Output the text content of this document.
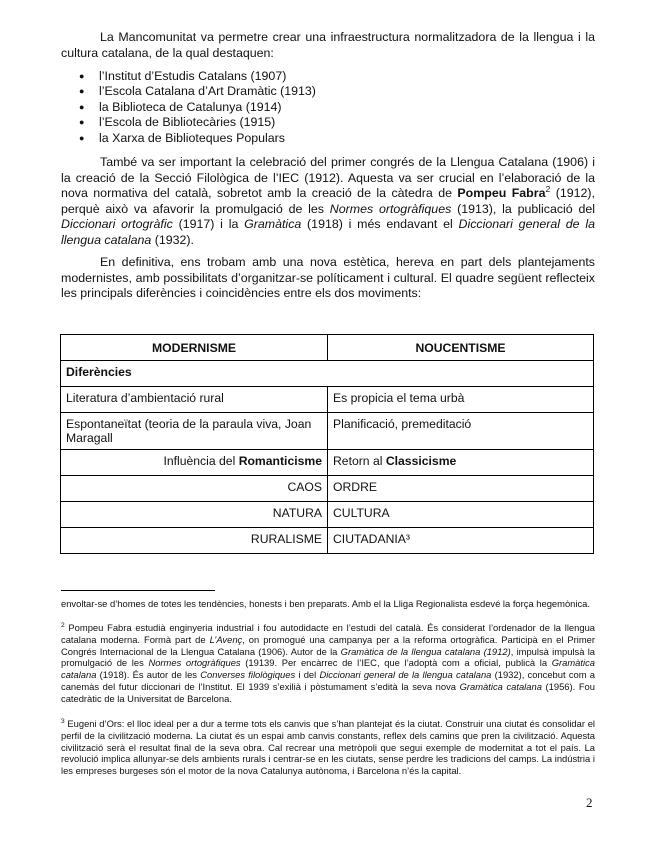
La Mancomunitat va permetre crear una infraestructura normalitzadora de la llengua i la cultura catalana, de la qual destaquen:

● l’Institut d’Estudis Catalans (1907)
● l’Escola Catalana d’Art Dramàtic (1913)
● la Biblioteca de Catalunya (1914)
● l’Escola de Bibliotecàries (1915)
● la Xarxa de Biblioteques Populars

També va ser important la celebració del primer congrés de la Llengua Catalana (1906) i la creació de la Secció Filològica de l’IEC (1912). Aquesta va ser crucial en l’elaboració de la nova normativa del català, sobretot amb la creació de la càtedra de Pompeu Fabra$^2$ (1912), perquè això va afavorir la promulgació de les Normes ortogràfiques (1913), la publicació del Diccionari ortogràfic (1917) i la Gramàtica (1918) i més endavant el Diccionari general de la llengua catalana (1932).

En definitiva, ens trobam amb una nova estètica, hereva en part dels plantejaments modernistes, amb possibilitats d’organitzar-se políticament i cultural. El quadre següent reflecteix les principals diferències i coincidències entre els dos moviments:

MODERNISME	NOUCENTISME
Diferències	
Literatura d’ambientació rural	Es propicia el tema urbà
Espontaneïtat (teoria de la paraula viva, Joan Maragall	Planificació, premeditació
Influència del Romanticisme	Retorn al Classicisme
CAOS	ORDRE
NATURA	CULTURA
RURALISME	CIUTADANIA³

envoltar-se d’homes de totes les tendències, honests i ben preparats. Amb el la Lliga Regionalista esdevé la força hegemònica.

$^2$ Pompeu Fabra estudià enginyeria industrial i fou autodidacte en l’estudi del català. És considerat l’ordenador de la llengua catalana moderna. Formà part de L’Avenç, on promogué una campanya per a la reforma ortogràfica. Participà en el Primer Congrés Internacional de la Llengua Catalana (1906). Autor de la Gramàtica de la llengua catalana (1912), impulsà impulsà la promulgació de les Normes ortogràfiques (19139. Per encàrrec de l’IEC, que l’adoptà com a oficial, publicà la Gramàtica catalana (1918). És autor de les Converses filològiques i del Diccionari general de la llengua catalana (1932), concebut com a canemàs del futur diccionari de l’Institut. El 1939 s’exilià i pòstumament s’edità la seva nova Gramàtica catalana (1956). Fou catedràtic de la Universitat de Barcelona.

$^3$ Eugeni d’Ors: el lloc ideal per a dur a terme tots els canvis que s’han plantejat és la ciutat. Construir una ciutat és consolidar el perfil de la civilització moderna. La ciutat és un espai amb canvis constants, reflex dels camins que pren la civilització. Aquesta civilització serà el resultat final de la seva obra. Cal recrear una metròpoli que segui exemple de modernitat a tot el país. La revolució implica allunyar-se dels ambients rurals i centrar-se en les ciutats, sense perdre les tradicions del camps. La indústria i les empreses burgeses són el motor de la nova Catalunya autònoma, i Barcelona n’és la capital.

2
